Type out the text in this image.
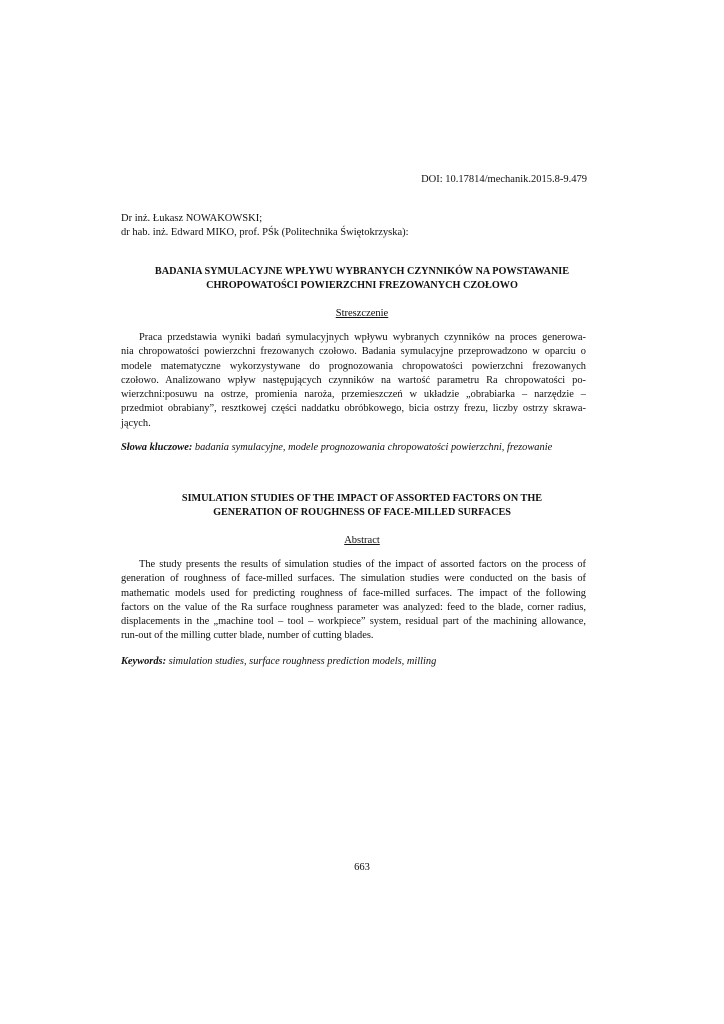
DOI: 10.17814/mechanik.2015.8-9.479
Dr inż. Łukasz NOWAKOWSKI;
dr hab. inż. Edward MIKO, prof. PŚk (Politechnika Świętokrzyska):
BADANIA SYMULACYJNE WPŁYWU WYBRANYCH CZYNNIKÓW NA POWSTAWANIE
CHROPOWATOŚCI POWIERZCHNI FREZOWANYCH CZOŁOWO
Streszczenie
Praca przedstawia wyniki badań symulacyjnych wpływu wybranych czynników na proces generowa-
nia chropowatości powierzchni frezowanych czołowo. Badania symulacyjne przeprowadzono w oparciu o
modele matematyczne wykorzystywane do prognozowania chropowatości powierzchni frezowanych
czołowo. Analizowano wpływ następujących czynników na wartość parametru Ra chropowatości po-
wierzchni:posuwu na ostrze, promienia naroża, przemieszczeń w układzie „obrabiarka – narzędzie –
przedmiot obrabiany”, resztkowej części naddatku obróbkowego, bicia ostrzy frezu, liczby ostrzy skrawa-
jących.
Słowa kluczowe: badania symulacyjne, modele prognozowania chropowatości powierzchni, frezowanie
SIMULATION STUDIES OF THE IMPACT OF ASSORTED FACTORS ON THE
GENERATION OF ROUGHNESS OF FACE-MILLED SURFACES
Abstract
The study presents the results of simulation studies of the impact of assorted factors on the process of
generation of roughness of face-milled surfaces. The simulation studies were conducted on the basis of
mathematic models used for predicting roughness of face-milled surfaces. The impact of the following
factors on the value of the Ra surface roughness parameter was analyzed: feed to the blade, corner radius,
displacements in the „machine tool – tool – workpiece” system, residual part of the machining allowance,
run-out of the milling cutter blade, number of cutting blades.
Keywords: simulation studies, surface roughness prediction models, milling
663
